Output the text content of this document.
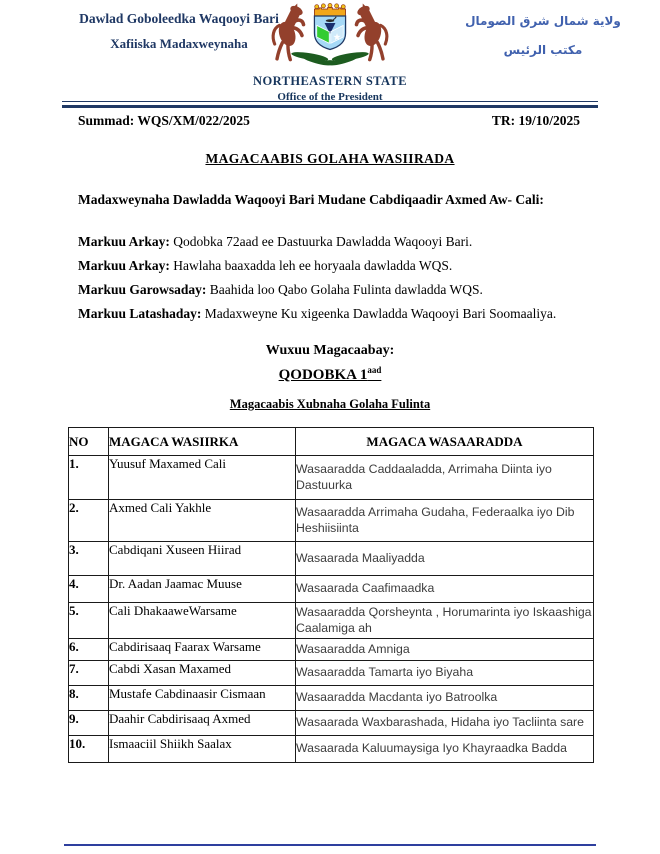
Dawlad Goboleedka Waqooyi Bari
Xafiiska Madaxweynaha
NORTHEASTERN STATE
Office of the President
ولاية شمال شرق الصومال
مكتب الرئيس
Summad: WQS/XM/022/2025	TR: 19/10/2025
MAGACAABIS GOLAHA WASIIRADA
Madaxweynaha Dawladda Waqooyi Bari Mudane Cabdiqaadir Axmed Aw- Cali:
Markuu Arkay: Qodobka 72aad ee Dastuurka Dawladda Waqooyi Bari.
Markuu Arkay: Hawlaha baaxadda leh ee horyaala dawladda WQS.
Markuu Garowsaday: Baahida loo Qabo Golaha Fulinta dawladda WQS.
Markuu Latashaday: Madaxweyne Ku xigeenka Dawladda Waqooyi Bari Soomaaliya.
Wuxuu Magacaabay:
QODOBKA $1^{aad}$
Magacaabis Xubnaha Golaha Fulinta
NO	MAGACA WASIIRKA	MAGACA WASAARADDA
1.	Yuusuf Maxamed Cali	Wasaaradda Caddaaladda, Arrimaha Diinta iyo Dastuurka
2.	Axmed Cali Yakhle	Wasaaradda Arrimaha Gudaha, Federaalka iyo Dib Heshiisiinta
3.	Cabdiqani Xuseen Hiirad	Wasaarada Maaliyadda
4.	Dr. Aadan Jaamac Muuse	Wasaarada Caafimaadka
5.	Cali DhakaaweWarsame	Wasaaradda Qorsheynta , Horumarinta iyo Iskaashiga Caalamiga ah
6.	Cabdirisaaq Faarax Warsame	Wasaaradda Amniga
7.	Cabdi Xasan Maxamed	Wasaaradda Tamarta iyo Biyaha
8.	Mustafe Cabdinaasir Cismaan	Wasaaradda Macdanta iyo Batroolka
9.	Daahir Cabdirisaaq Axmed	Wasaarada Waxbarashada, Hidaha iyo Tacliinta sare
10.	Ismaaciil Shiikh Saalax	Wasaarada Kaluumaysiga Iyo Khayraadka Badda
